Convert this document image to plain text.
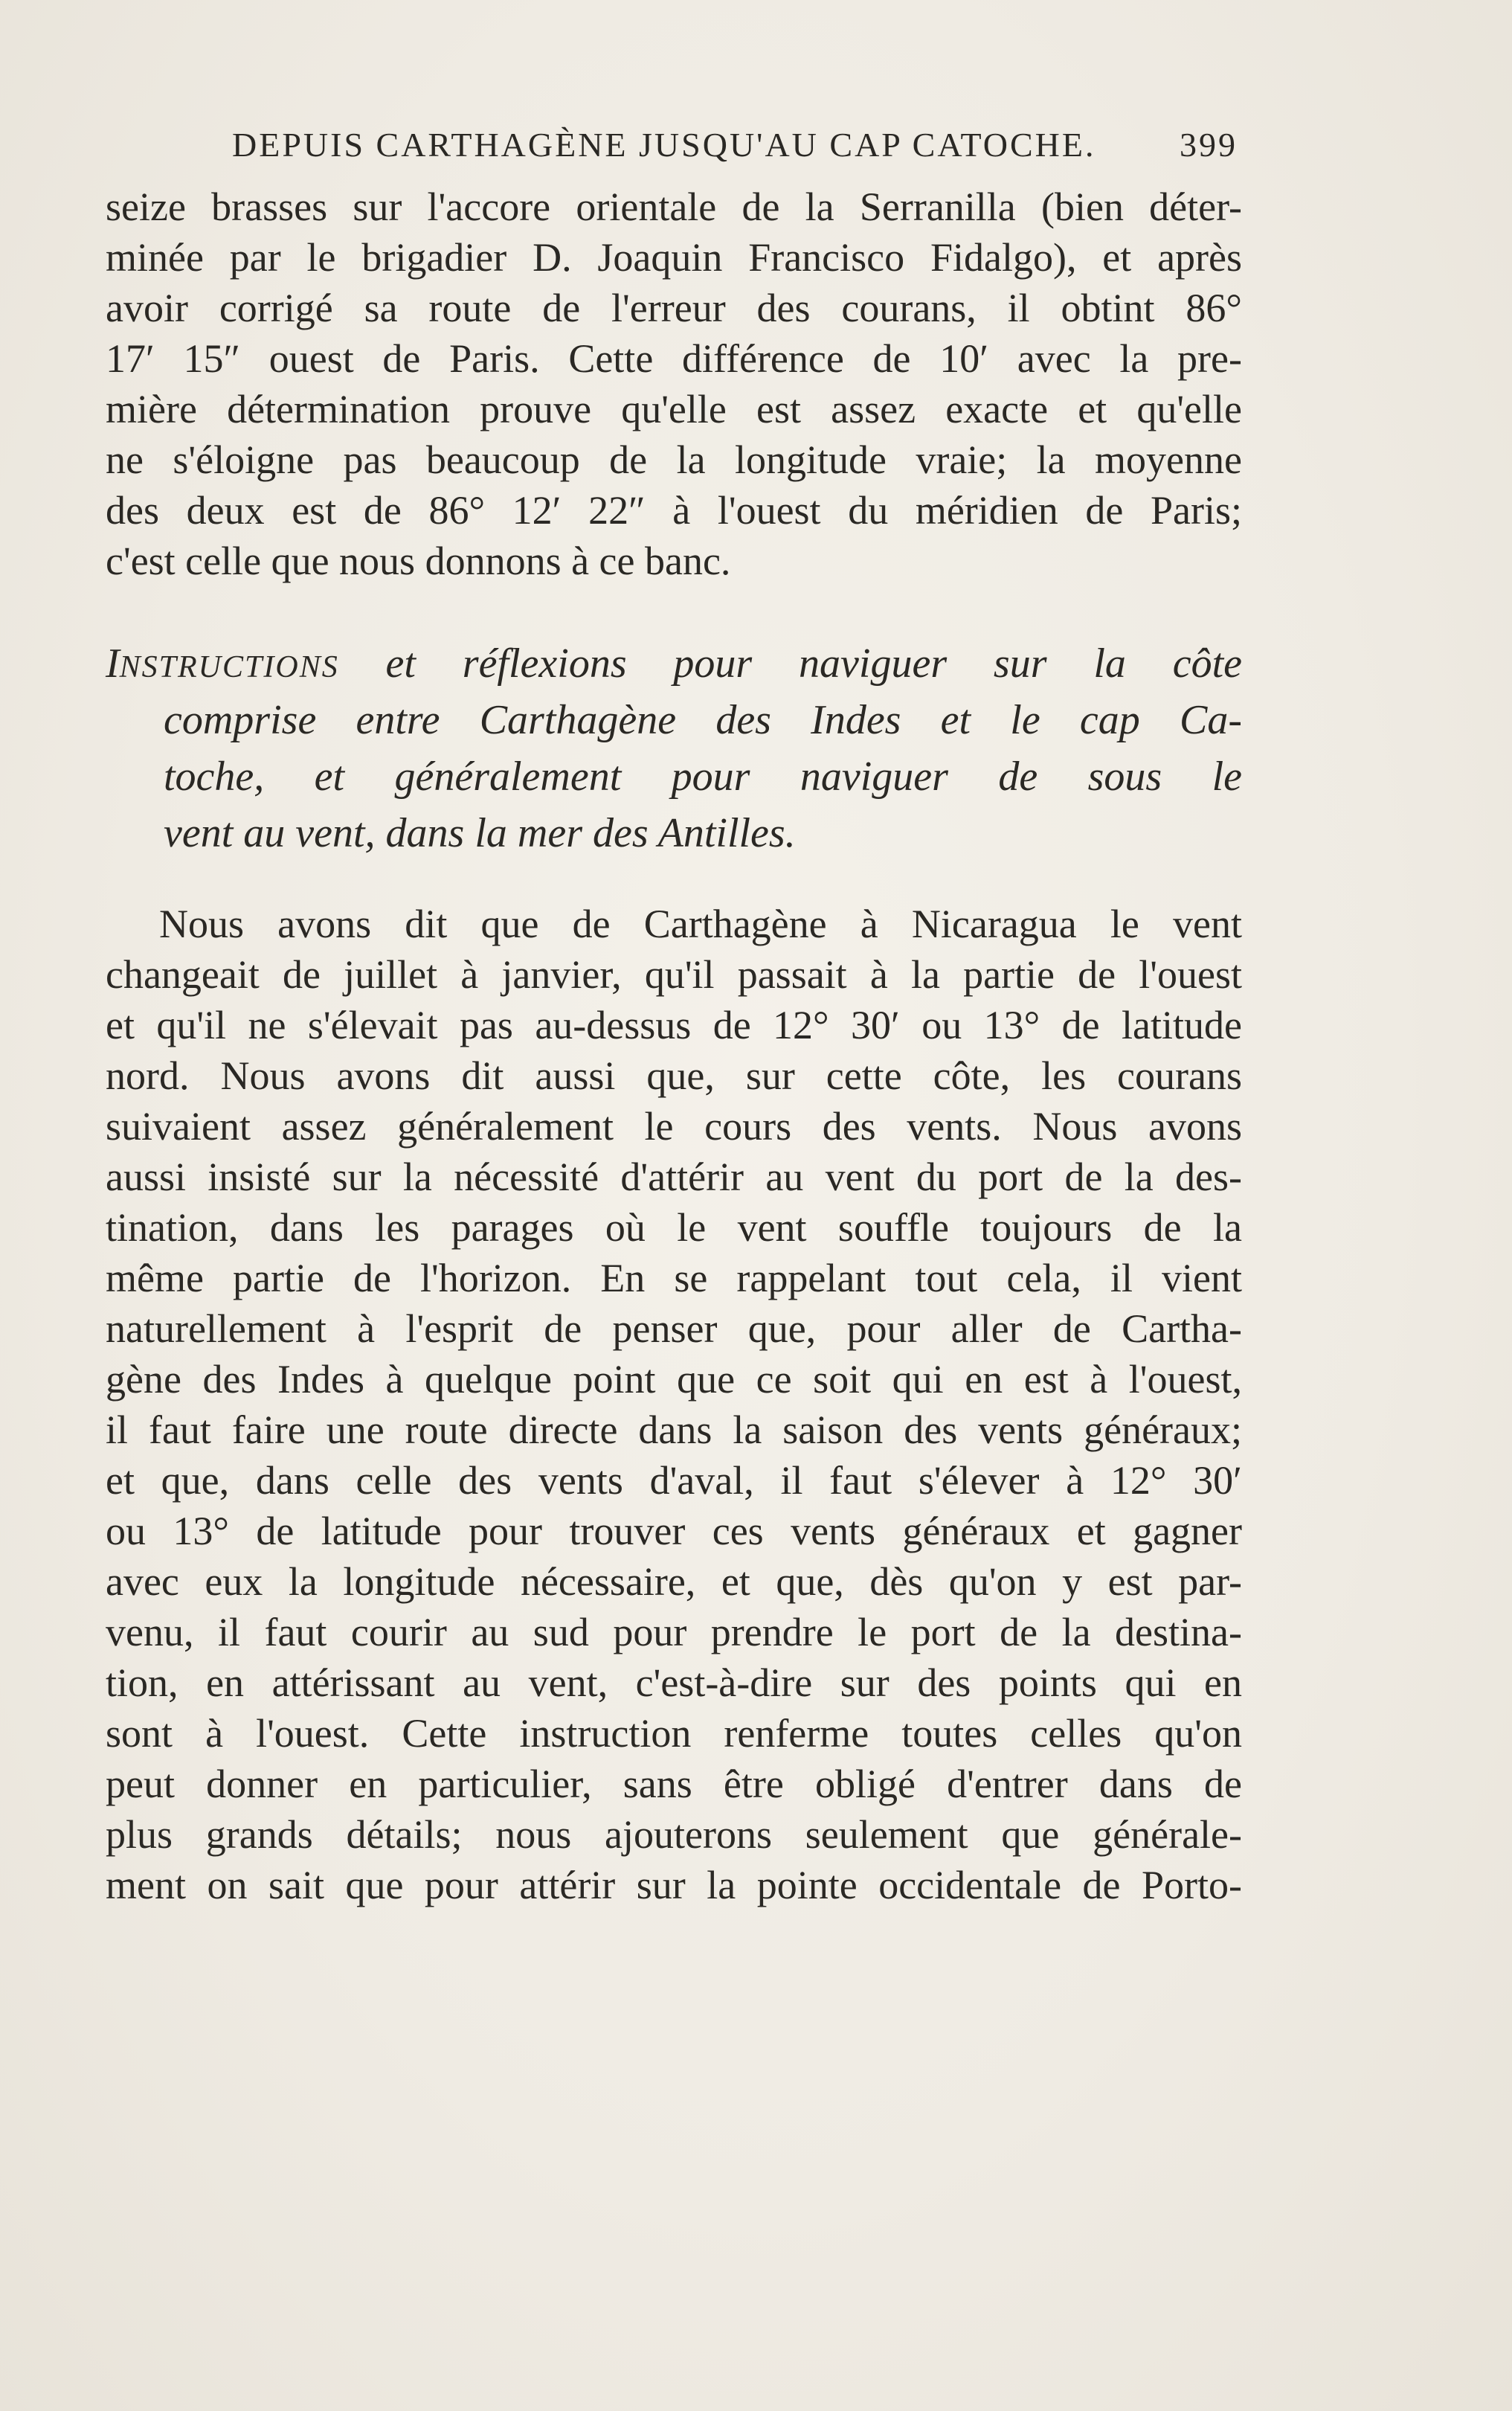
DEPUIS CARTHAGÈNE JUSQU'AU CAP CATOCHE. 399
seize brasses sur l'accore orientale de la Serranilla (bien déter-
minée par le brigadier D. Joaquin Francisco Fidalgo), et après
avoir corrigé sa route de l'erreur des courans, il obtint 86°
17′ 15″ ouest de Paris. Cette différence de 10′ avec la pre-
mière détermination prouve qu'elle est assez exacte et qu'elle
ne s'éloigne pas beaucoup de la longitude vraie; la moyenne
des deux est de 86° 12′ 22″ à l'ouest du méridien de Paris;
c'est celle que nous donnons à ce banc.
INSTRUCTIONS et réflexions pour naviguer sur la côte
comprise entre Carthagène des Indes et le cap Ca-
toche, et généralement pour naviguer de sous le
vent au vent, dans la mer des Antilles.
Nous avons dit que de Carthagène à Nicaragua le vent
changeait de juillet à janvier, qu'il passait à la partie de l'ouest
et qu'il ne s'élevait pas au-dessus de 12° 30′ ou 13° de latitude
nord. Nous avons dit aussi que, sur cette côte, les courans
suivaient assez généralement le cours des vents. Nous avons
aussi insisté sur la nécessité d'attérir au vent du port de la des-
tination, dans les parages où le vent souffle toujours de la
même partie de l'horizon. En se rappelant tout cela, il vient
naturellement à l'esprit de penser que, pour aller de Cartha-
gène des Indes à quelque point que ce soit qui en est à l'ouest,
il faut faire une route directe dans la saison des vents généraux;
et que, dans celle des vents d'aval, il faut s'élever à 12° 30′
ou 13° de latitude pour trouver ces vents généraux et gagner
avec eux la longitude nécessaire, et que, dès qu'on y est par-
venu, il faut courir au sud pour prendre le port de la destina-
tion, en attérissant au vent, c'est-à-dire sur des points qui en
sont à l'ouest. Cette instruction renferme toutes celles qu'on
peut donner en particulier, sans être obligé d'entrer dans de
plus grands détails; nous ajouterons seulement que générale-
ment on sait que pour attérir sur la pointe occidentale de Porto-
